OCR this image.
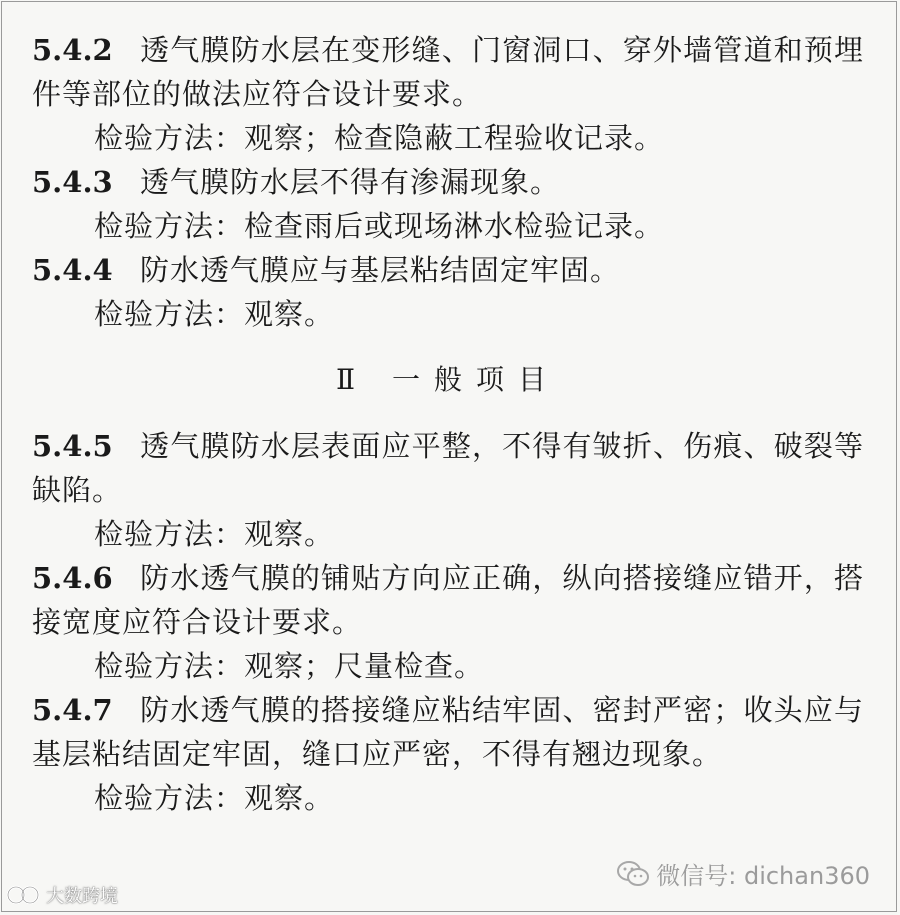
5.4.2 透气膜防水层在变形缝、门窗洞口、穿外墙管道和预埋件等部位的做法应符合设计要求。

检验方法：观察；检查隐蔽工程验收记录。

5.4.3 透气膜防水层不得有渗漏现象。

检验方法：检查雨后或现场淋水检验记录。

5.4.4 防水透气膜应与基层粘结固定牢固。

检验方法：观察。

Ⅱ 一般项目

5.4.5 透气膜防水层表面应平整，不得有皱折、伤痕、破裂等缺陷。

检验方法：观察。

5.4.6 防水透气膜的铺贴方向应正确，纵向搭接缝应错开，搭接宽度应符合设计要求。

检验方法：观察；尺量检查。

5.4.7 防水透气膜的搭接缝应粘结牢固、密封严密；收头应与基层粘结固定牢固，缝口应严密，不得有翘边现象。

检验方法：观察。

微信号: dichan360
大数跨境
